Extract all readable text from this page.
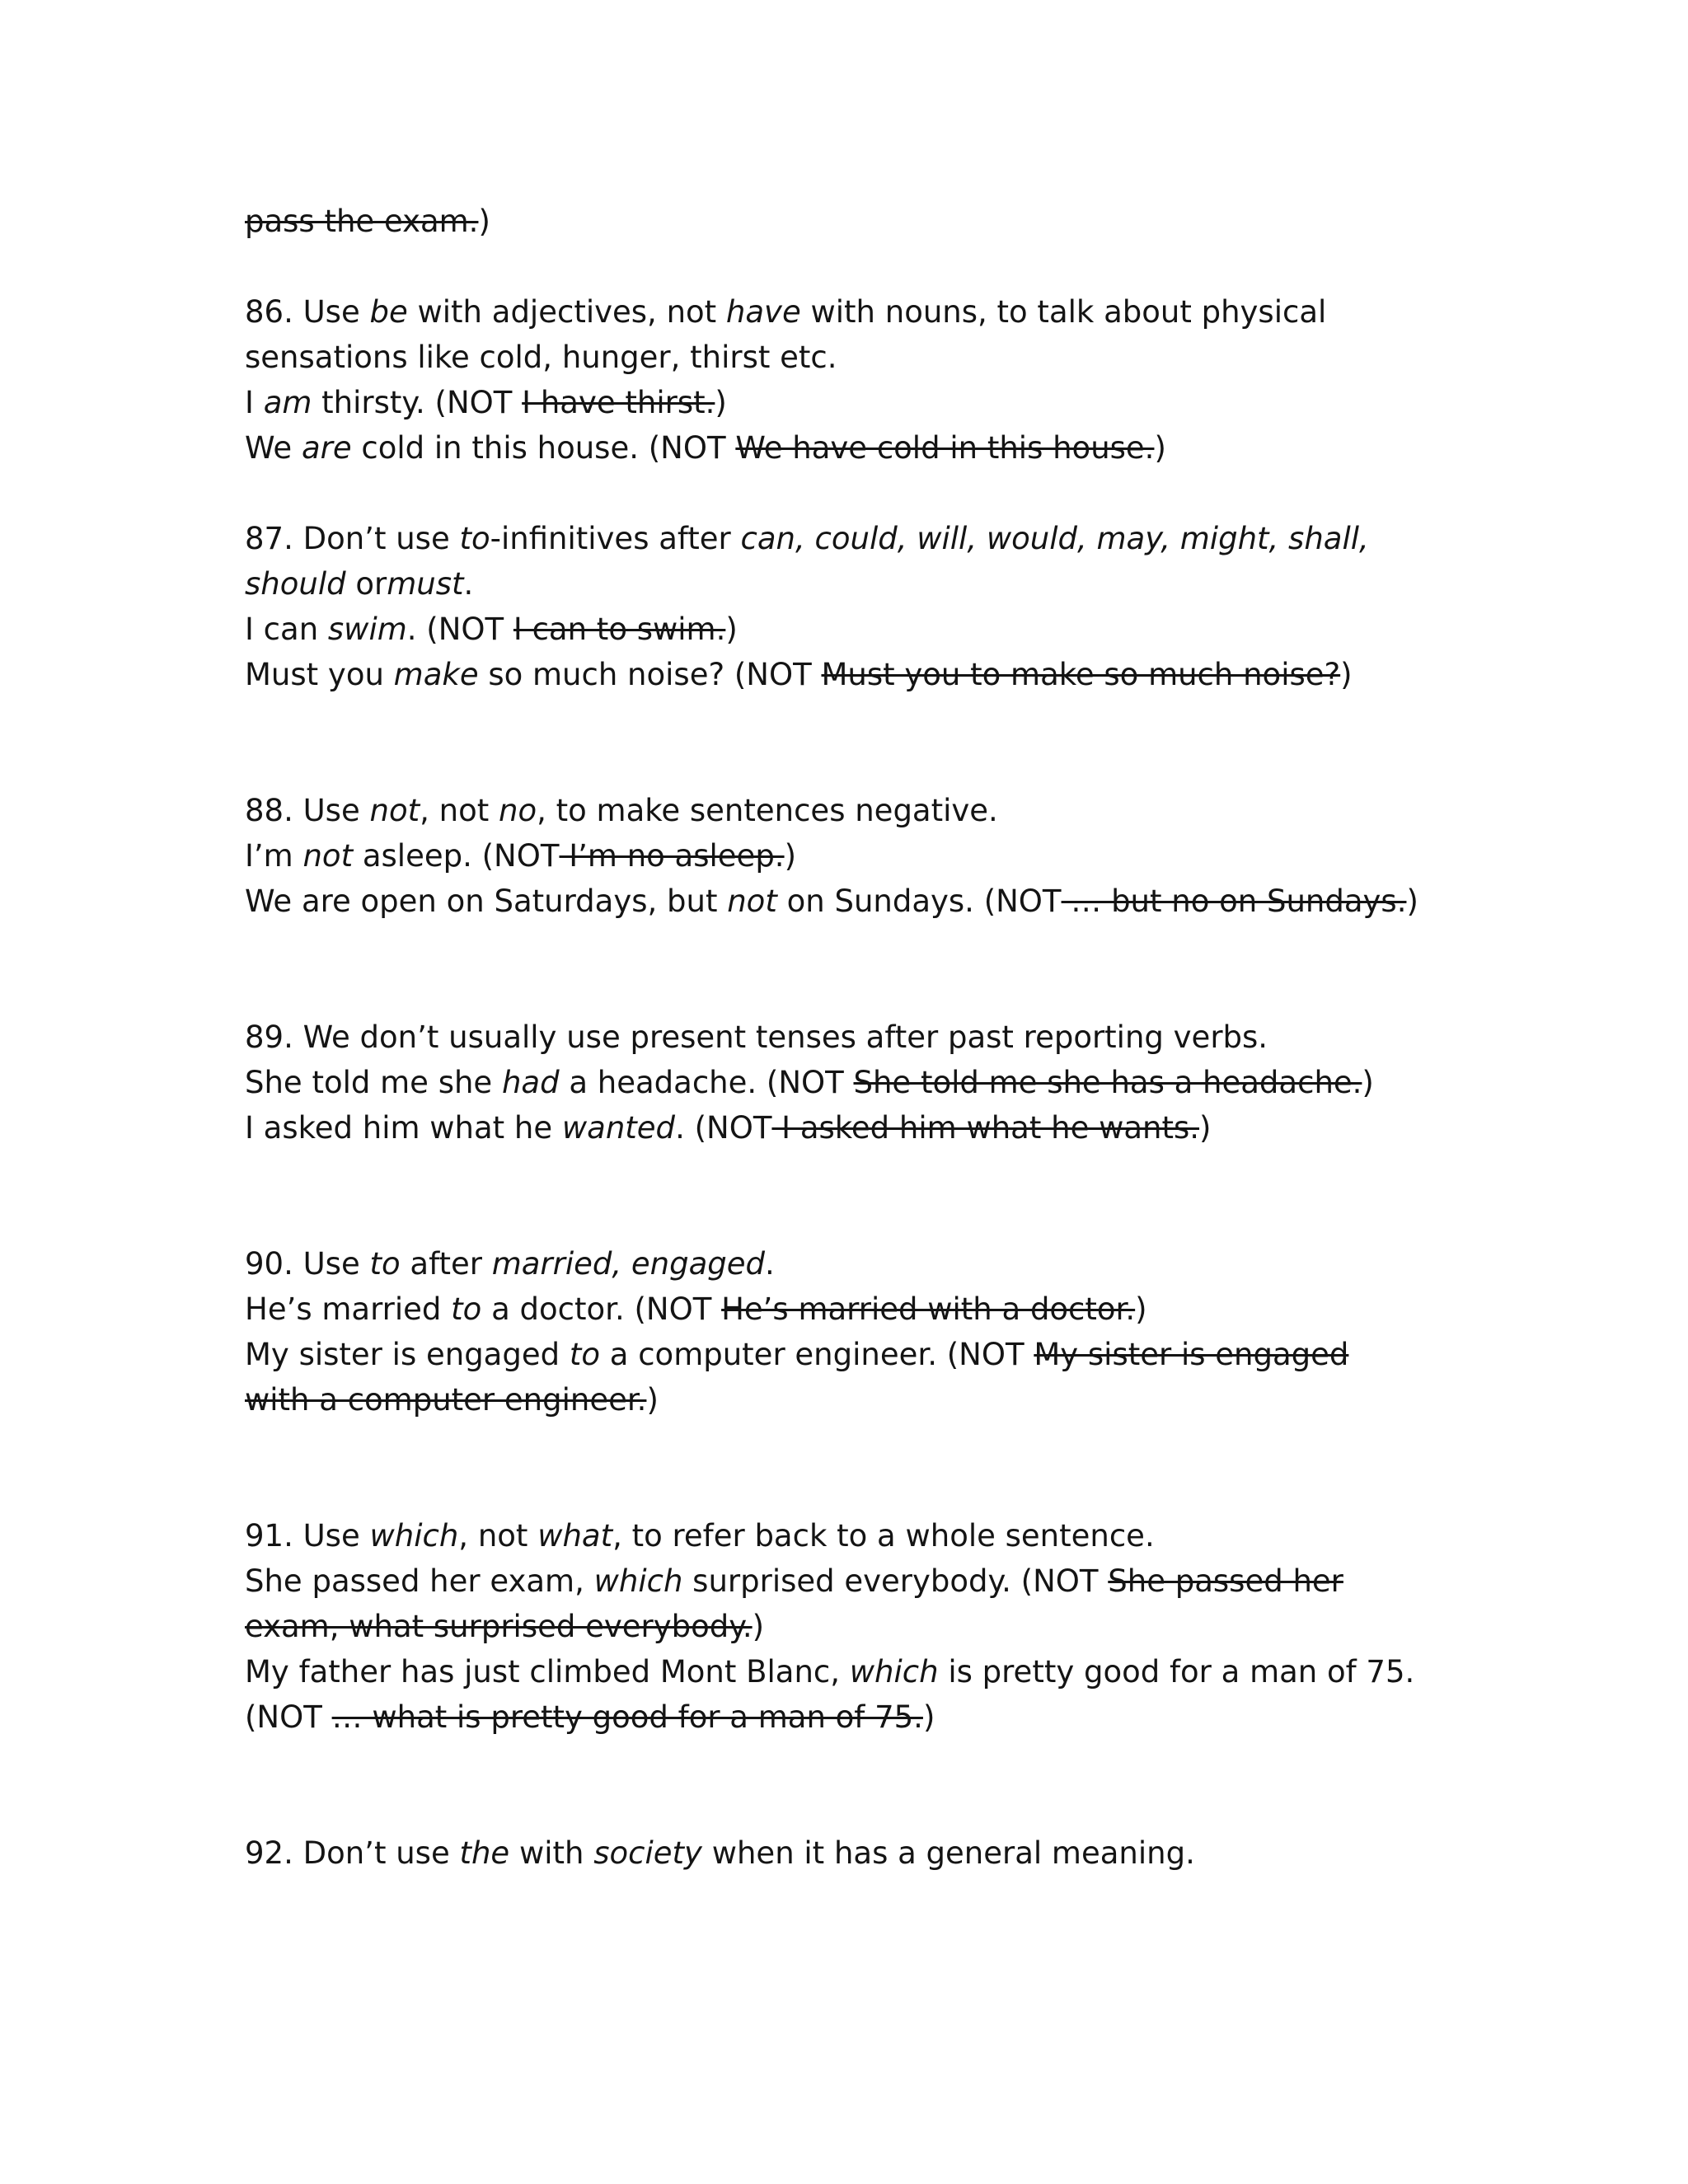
pass the exam.)
86. Use be with adjectives, not have with nouns, to talk about physical
sensations like cold, hunger, thirst etc.
I am thirsty. (NOT I have thirst.)
We are cold in this house. (NOT We have cold in this house.)
87. Don’t use to-infinitives after can, could, will, would, may, might, shall,
should ormust.
I can swim. (NOT I can to swim.)
Must you make so much noise? (NOT Must you to make so much noise?)
88. Use not, not no, to make sentences negative.
I’m not asleep. (NOT I’m no asleep.)
We are open on Saturdays, but not on Sundays. (NOT … but no on Sundays.)
89. We don’t usually use present tenses after past reporting verbs.
She told me she had a headache. (NOT She told me she has a headache.)
I asked him what he wanted. (NOT I asked him what he wants.)
90. Use to after married, engaged.
He’s married to a doctor. (NOT He’s married with a doctor.)
My sister is engaged to a computer engineer. (NOT My sister is engaged
with a computer engineer.)
91. Use which, not what, to refer back to a whole sentence.
She passed her exam, which surprised everybody. (NOT She passed her
exam, what surprised everybody.)
My father has just climbed Mont Blanc, which is pretty good for a man of 75.
(NOT … what is pretty good for a man of 75.)
92. Don’t use the with society when it has a general meaning.
